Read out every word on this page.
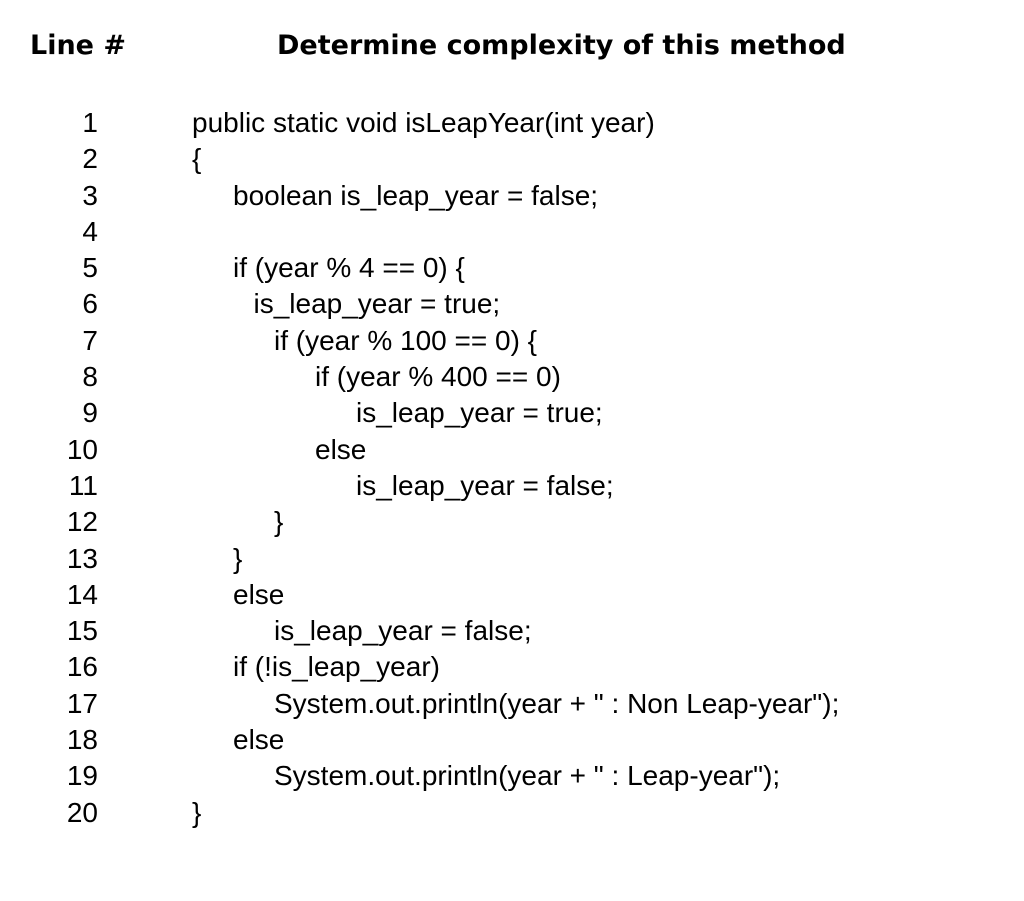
Line #	Determine complexity of this method
1	public static void isLeapYear(int year)
2	{
3	boolean is_leap_year = false;
4
5	if (year % 4 == 0) {
6	is_leap_year = true;
7	if (year % 100 == 0) {
8	if (year % 400 == 0)
9	is_leap_year = true;
10	else
11	is_leap_year = false;
12	}
13	}
14	else
15	is_leap_year = false;
16	if (!is_leap_year)
17	System.out.println(year + " : Non Leap-year");
18	else
19	System.out.println(year + " : Leap-year");
20	}
